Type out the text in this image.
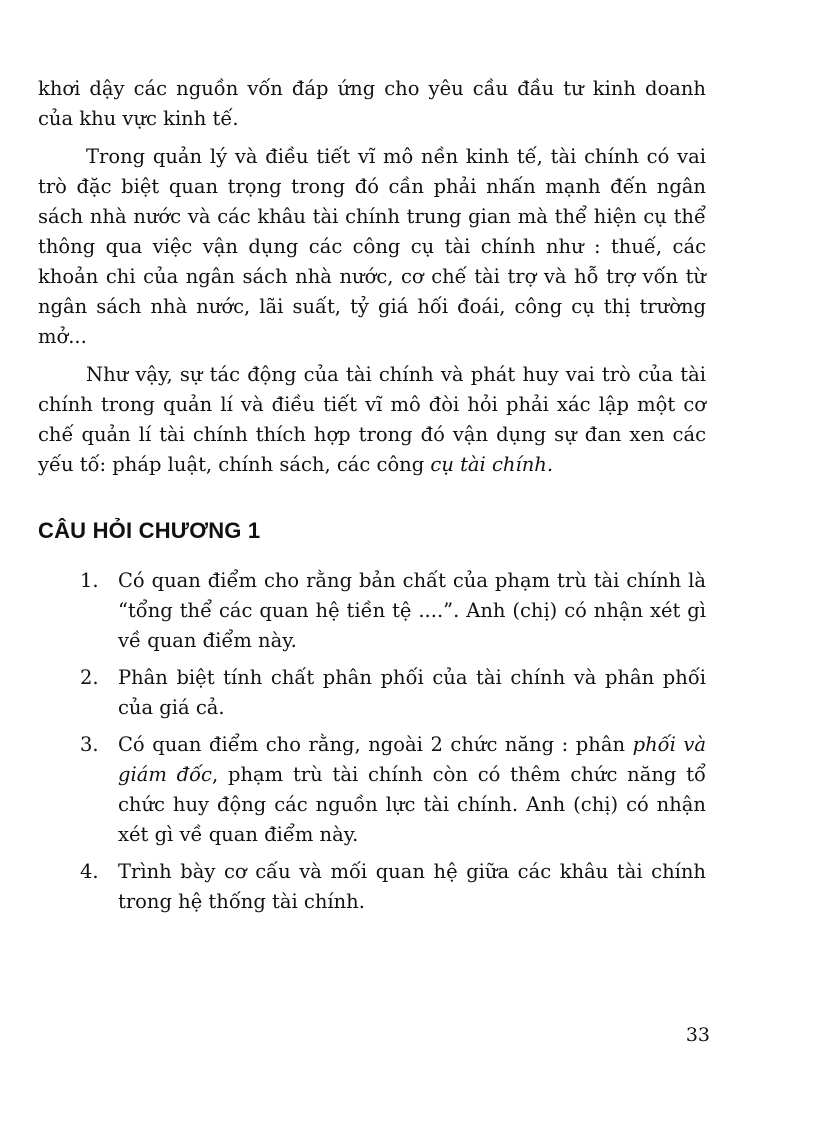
khơi dậy các nguồn vốn đáp ứng cho yêu cầu đầu tư kinh doanh của khu vực kinh tế.

Trong quản lý và điều tiết vĩ mô nền kinh tế, tài chính có vai trò đặc biệt quan trọng trong đó cần phải nhấn mạnh đến ngân sách nhà nước và các khâu tài chính trung gian mà thể hiện cụ thể thông qua việc vận dụng các công cụ tài chính như : thuế, các khoản chi của ngân sách nhà nước, cơ chế tài trợ và hỗ trợ vốn từ ngân sách nhà nước, lãi suất, tỷ giá hối đoái, công cụ thị trường mở...

Như vậy, sự tác động của tài chính và phát huy vai trò của tài chính trong quản lí và điều tiết vĩ mô đòi hỏi phải xác lập một cơ chế quản lí tài chính thích hợp trong đó vận dụng sự đan xen các yếu tố: pháp luật, chính sách, các công cụ tài chính.

CÂU HỎI CHƯƠNG 1
1. Có quan điểm cho rằng bản chất của phạm trù tài chính là “tổng thể các quan hệ tiền tệ ....”. Anh (chị) có nhận xét gì về quan điểm này.
2. Phân biệt tính chất phân phối của tài chính và phân phối của giá cả.
3. Có quan điểm cho rằng, ngoài 2 chức năng : phân phối và giám đốc, phạm trù tài chính còn có thêm chức năng tổ chức huy động các nguồn lực tài chính. Anh (chị) có nhận xét gì về quan điểm này.
4. Trình bày cơ cấu và mối quan hệ giữa các khâu tài chính trong hệ thống tài chính.
33
